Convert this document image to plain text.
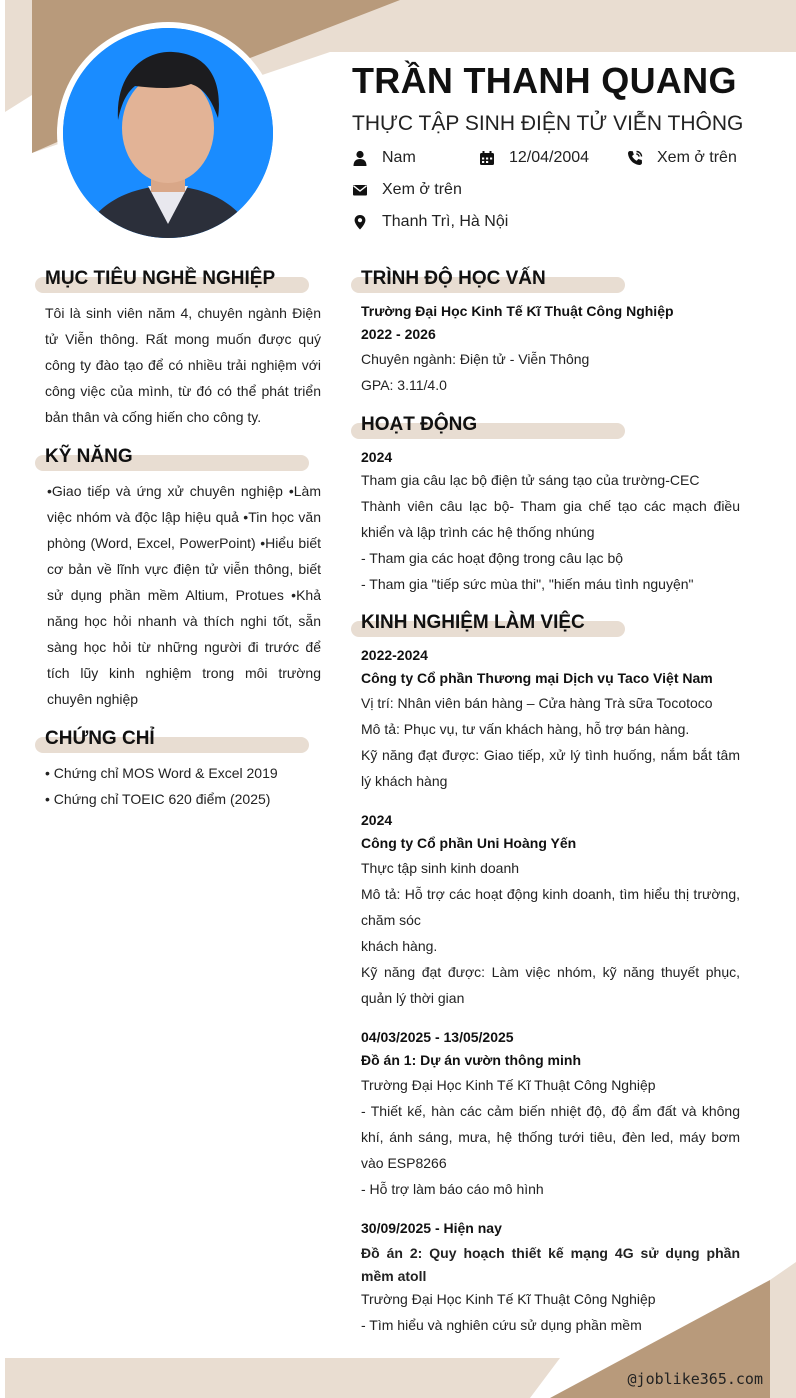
TRẦN THANH QUANG
THỰC TẬP SINH ĐIỆN TỬ VIỄN THÔNG
Nam	12/04/2004	Xem ở trên
Xem ở trên
Thanh Trì, Hà Nội
MỤC TIÊU NGHỀ NGHIỆP
Tôi là sinh viên năm 4, chuyên ngành Điện tử Viễn thông. Rất mong muốn được quý công ty đào tạo để có nhiều trải nghiệm với công việc của mình, từ đó có thể phát triển bản thân và cống hiến cho công ty.
KỸ NĂNG
•Giao tiếp và ứng xử chuyên nghiệp •Làm việc nhóm và độc lập hiệu quả •Tin học văn phòng (Word, Excel, PowerPoint) •Hiểu biết cơ bản về lĩnh vực điện tử viễn thông, biết sử dụng phần mềm Altium, Protues •Khả năng học hỏi nhanh và thích nghi tốt, sẵn sàng học hỏi từ những người đi trước để tích lũy kinh nghiệm trong môi trường chuyên nghiệp
CHỨNG CHỈ
• Chứng chỉ MOS Word & Excel 2019
• Chứng chỉ TOEIC 620 điểm (2025)
TRÌNH ĐỘ HỌC VẤN
Trường Đại Học Kinh Tế Kĩ Thuật Công Nghiệp
2022 - 2026
Chuyên ngành: Điện tử - Viễn Thông
GPA: 3.11/4.0
HOẠT ĐỘNG
2024
Tham gia câu lạc bộ điện tử sáng tạo của trường-CEC
Thành viên câu lạc bộ- Tham gia chế tạo các mạch điều khiển và lập trình các hệ thống nhúng
- Tham gia các hoạt động trong câu lạc bộ
- Tham gia "tiếp sức mùa thi", "hiến máu tình nguyện"
KINH NGHIỆM LÀM VIỆC
2022-2024
Công ty Cổ phần Thương mại Dịch vụ Taco Việt Nam
Vị trí: Nhân viên bán hàng – Cửa hàng Trà sữa Tocotoco
Mô tả: Phục vụ, tư vấn khách hàng, hỗ trợ bán hàng.
Kỹ năng đạt được: Giao tiếp, xử lý tình huống, nắm bắt tâm lý khách hàng
2024
Công ty Cổ phần Uni Hoàng Yến
Thực tập sinh kinh doanh
Mô tả: Hỗ trợ các hoạt động kinh doanh, tìm hiểu thị trường, chăm sóc
khách hàng.
Kỹ năng đạt được: Làm việc nhóm, kỹ năng thuyết phục, quản lý thời gian
04/03/2025 - 13/05/2025
Đồ án 1: Dự án vườn thông minh
Trường Đại Học Kinh Tế Kĩ Thuật Công Nghiệp
- Thiết kế, hàn các cảm biến nhiệt độ, độ ẩm đất và không khí, ánh sáng, mưa, hệ thống tưới tiêu, đèn led, máy bơm vào ESP8266
- Hỗ trợ làm báo cáo mô hình
30/09/2025 - Hiện nay
Đồ án 2: Quy hoạch thiết kế mạng 4G sử dụng phần mềm atoll
Trường Đại Học Kinh Tế Kĩ Thuật Công Nghiệp
- Tìm hiểu và nghiên cứu sử dụng phần mềm
@joblike365.com
